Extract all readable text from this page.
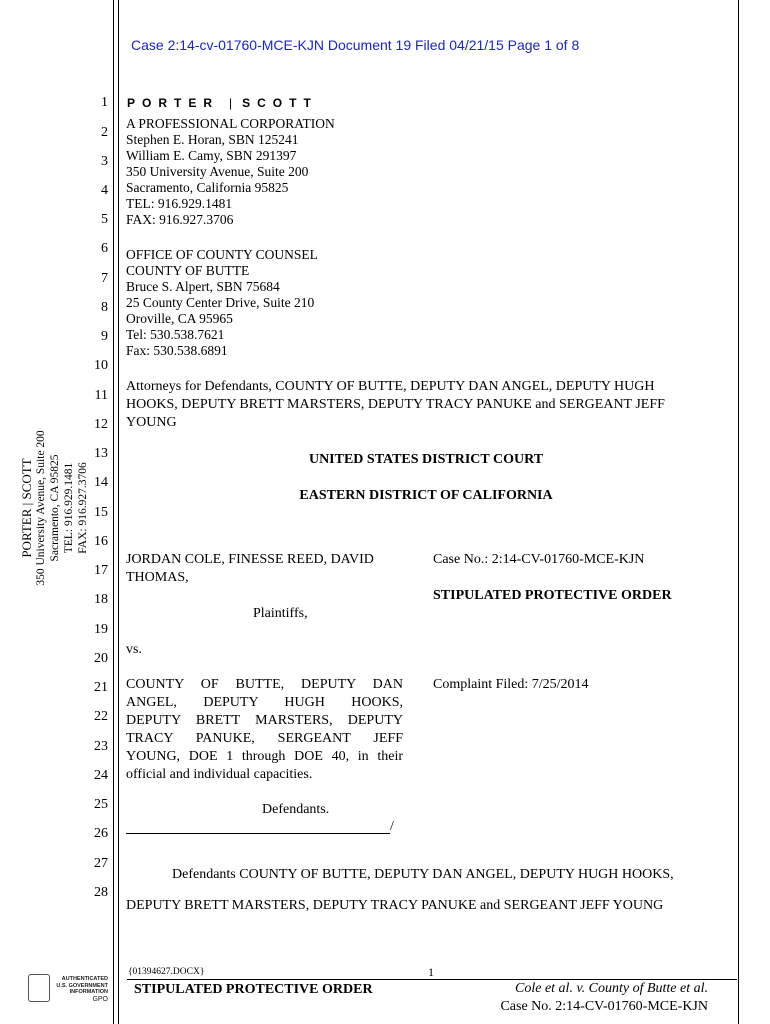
Case 2:14-cv-01760-MCE-KJN Document 19 Filed 04/21/15 Page 1 of 8
1
2
3
4
5
6
7
8
9
10
11
12
13
14
15
16
17
18
19
20
21
22
23
24
25
26
27
28
PORTER | SCOTT
A PROFESSIONAL CORPORATION
Stephen E. Horan, SBN 125241
William E. Camy, SBN 291397
350 University Avenue, Suite 200
Sacramento, California 95825
TEL: 916.929.1481
FAX: 916.927.3706
OFFICE OF COUNTY COUNSEL
COUNTY OF BUTTE
Bruce S. Alpert, SBN 75684
25 County Center Drive, Suite 210
Oroville, CA 95965
Tel: 530.538.7621
Fax: 530.538.6891
Attorneys for Defendants, COUNTY OF BUTTE, DEPUTY DAN ANGEL, DEPUTY HUGH
HOOKS, DEPUTY BRETT MARSTERS, DEPUTY TRACY PANUKE and SERGEANT JEFF
YOUNG
UNITED STATES DISTRICT COURT
EASTERN DISTRICT OF CALIFORNIA
JORDAN COLE, FINESSE REED, DAVID
THOMAS,
Plaintiffs,
vs.
COUNTY OF BUTTE, DEPUTY DAN
ANGEL, DEPUTY HUGH HOOKS,
DEPUTY BRETT MARSTERS, DEPUTY
TRACY PANUKE, SERGEANT JEFF
YOUNG, DOE 1 through DOE 40, in their
official and individual capacities.
Defendants.
/
Case No.: 2:14-CV-01760-MCE-KJN
STIPULATED PROTECTIVE ORDER
Complaint Filed: 7/25/2014
Defendants COUNTY OF BUTTE, DEPUTY DAN ANGEL, DEPUTY HUGH HOOKS,
DEPUTY BRETT MARSTERS, DEPUTY TRACY PANUKE and SERGEANT JEFF YOUNG
PORTER | SCOTT 350 University Avenue, Suite 200 Sacramento, CA 95825 TEL: 916.929.1481 FAX: 916.927.3706
{01394627.DOCX}	1
STIPULATED PROTECTIVE ORDER	Cole et al. v. County of Butte et al.
Case No. 2:14-CV-01760-MCE-KJN
AUTHENTICATED
U.S. GOVERNMENT
INFORMATION
GPO
